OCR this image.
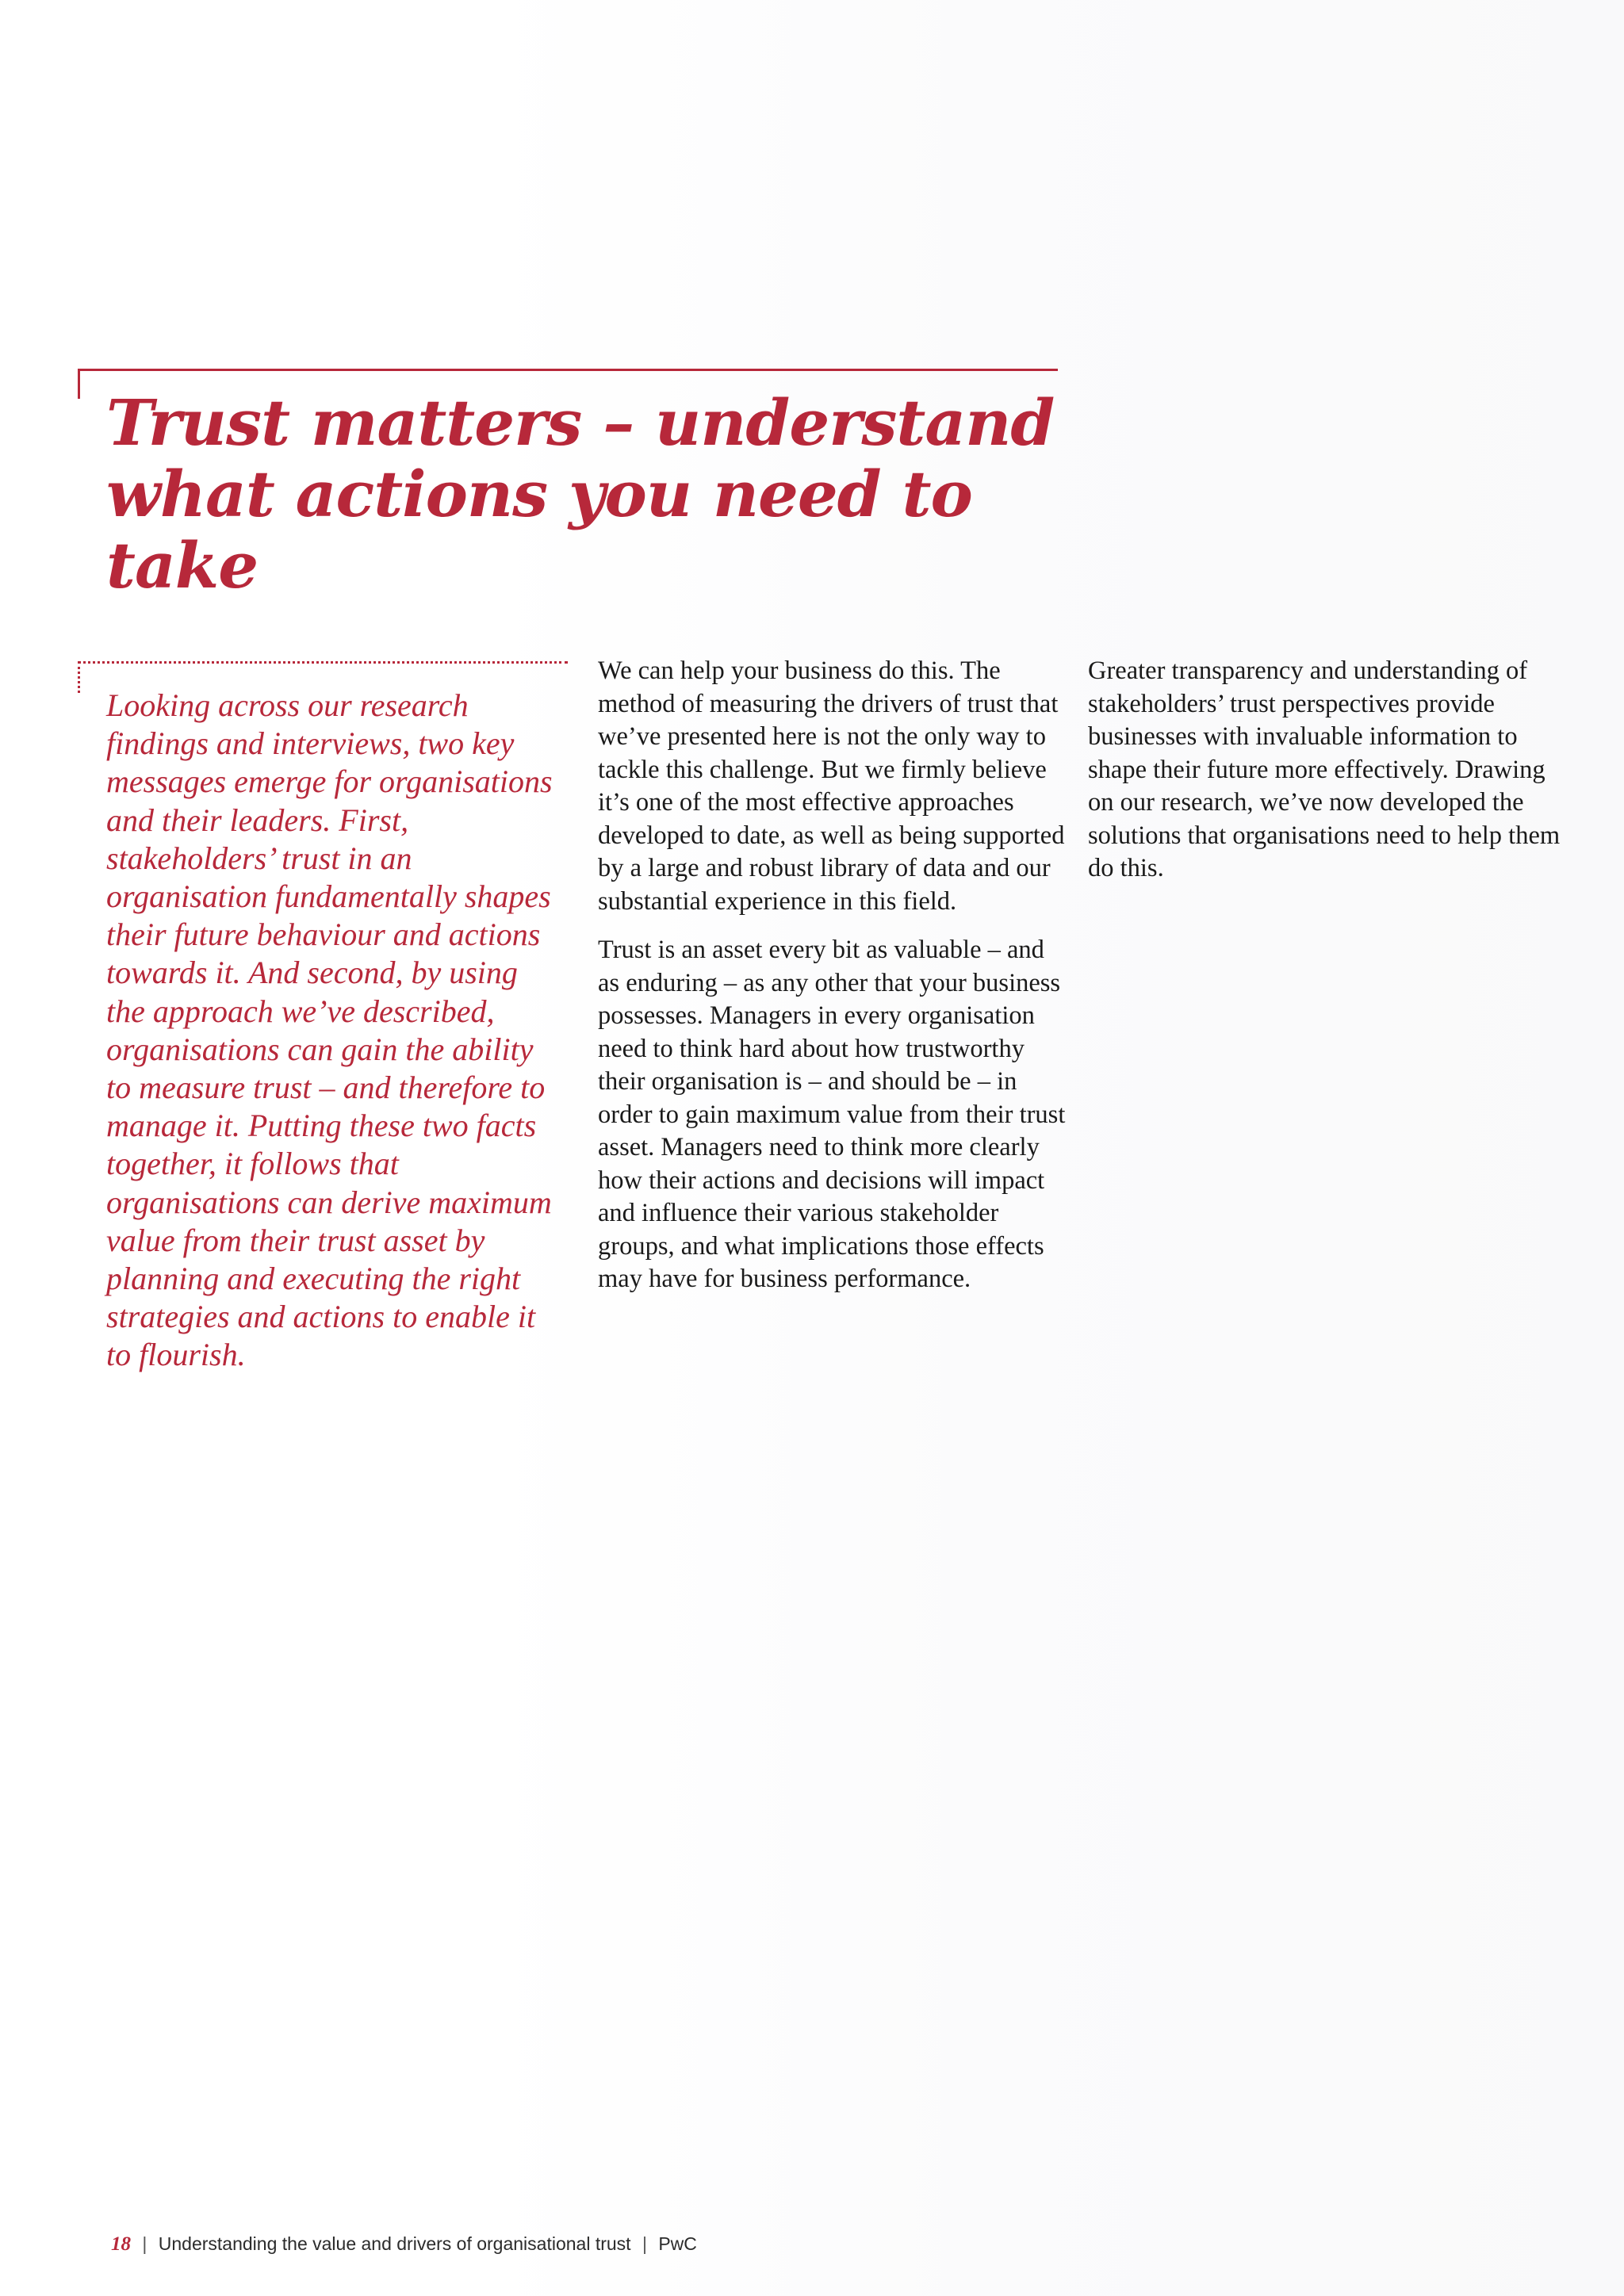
Trust matters – understand what actions you need to take

Looking across our research findings and interviews, two key messages emerge for organisations and their leaders. First, stakeholders’ trust in an organisation fundamentally shapes their future behaviour and actions towards it. And second, by using the approach we’ve described, organisations can gain the ability to measure trust – and therefore to manage it. Putting these two facts together, it follows that organisations can derive maximum value from their trust asset by planning and executing the right strategies and actions to enable it to flourish.

We can help your business do this. The method of measuring the drivers of trust that we’ve presented here is not the only way to tackle this challenge. But we firmly believe it’s one of the most effective approaches developed to date, as well as being supported by a large and robust library of data and our substantial experience in this field.

Trust is an asset every bit as valuable – and as enduring – as any other that your business possesses. Managers in every organisation need to think hard about how trustworthy their organisation is – and should be – in order to gain maximum value from their trust asset. Managers need to think more clearly how their actions and decisions will impact and influence their various stakeholder groups, and what implications those effects may have for business performance.

Greater transparency and understanding of stakeholders’ trust perspectives provide businesses with invaluable information to shape their future more effectively. Drawing on our research, we’ve now developed the solutions that organisations need to help them do this.

18 | Understanding the value and drivers of organisational trust | PwC
